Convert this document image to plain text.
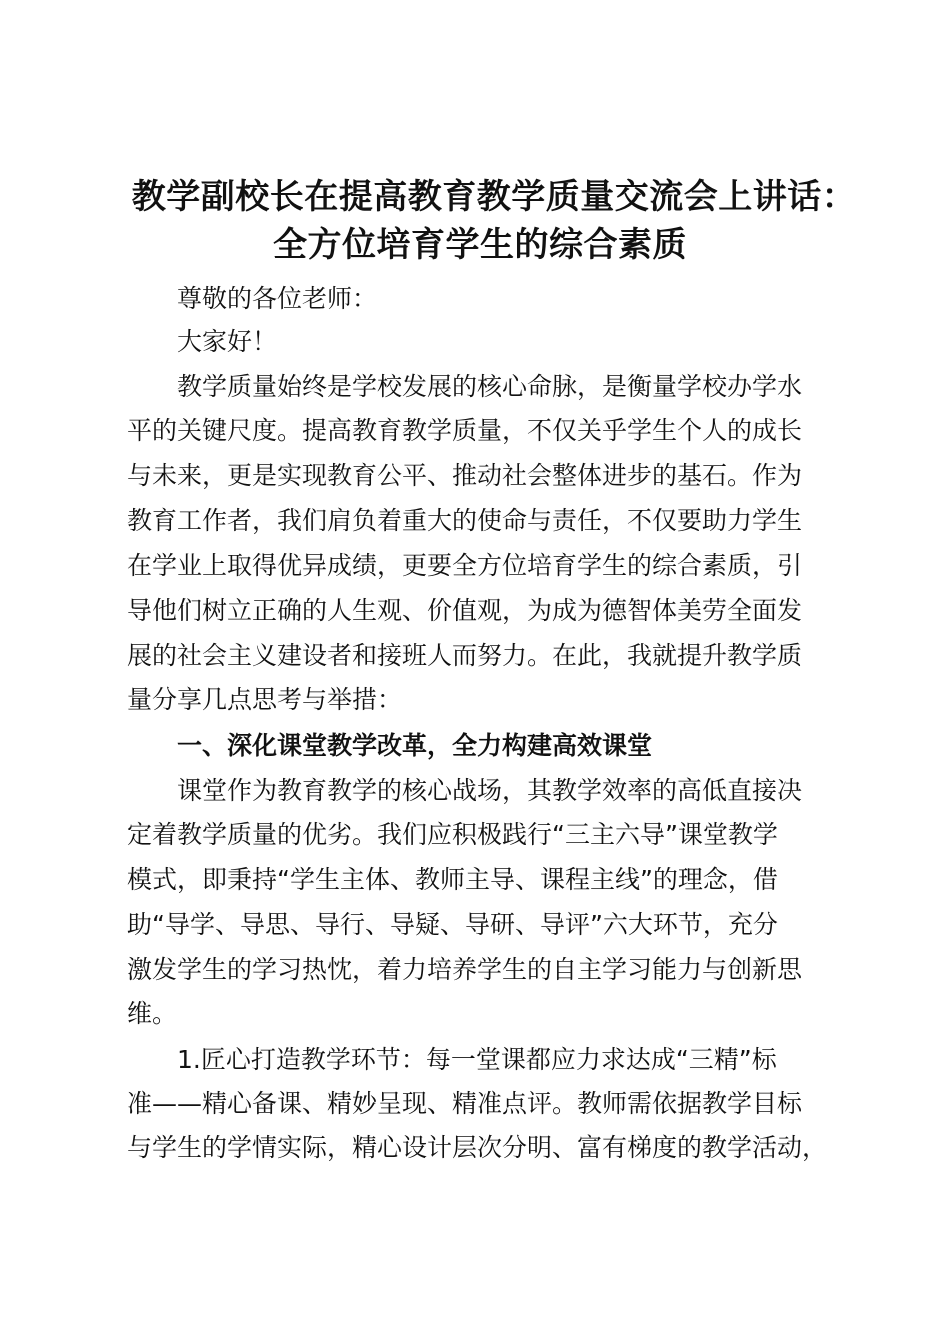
教学副校长在提高教育教学质量交流会上讲话：
全方位培育学生的综合素质
尊敬的各位老师：
大家好！
教学质量始终是学校发展的核心命脉，是衡量学校办学水
平的关键尺度。提高教育教学质量，不仅关乎学生个人的成长
与未来，更是实现教育公平、推动社会整体进步的基石。作为
教育工作者，我们肩负着重大的使命与责任，不仅要助力学生
在学业上取得优异成绩，更要全方位培育学生的综合素质，引
导他们树立正确的人生观、价值观，为成为德智体美劳全面发
展的社会主义建设者和接班人而努力。在此，我就提升教学质
量分享几点思考与举措：
一、深化课堂教学改革，全力构建高效课堂
课堂作为教育教学的核心战场，其教学效率的高低直接决
定着教学质量的优劣。我们应积极践行“三主六导”课堂教学
模式，即秉持“学生主体、教师主导、课程主线”的理念，借
助“导学、导思、导行、导疑、导研、导评”六大环节，充分
激发学生的学习热忱，着力培养学生的自主学习能力与创新思
维。
1.匠心打造教学环节：每一堂课都应力求达成“三精”标
准——精心备课、精妙呈现、精准点评。教师需依据教学目标
与学生的学情实际，精心设计层次分明、富有梯度的教学活动，
